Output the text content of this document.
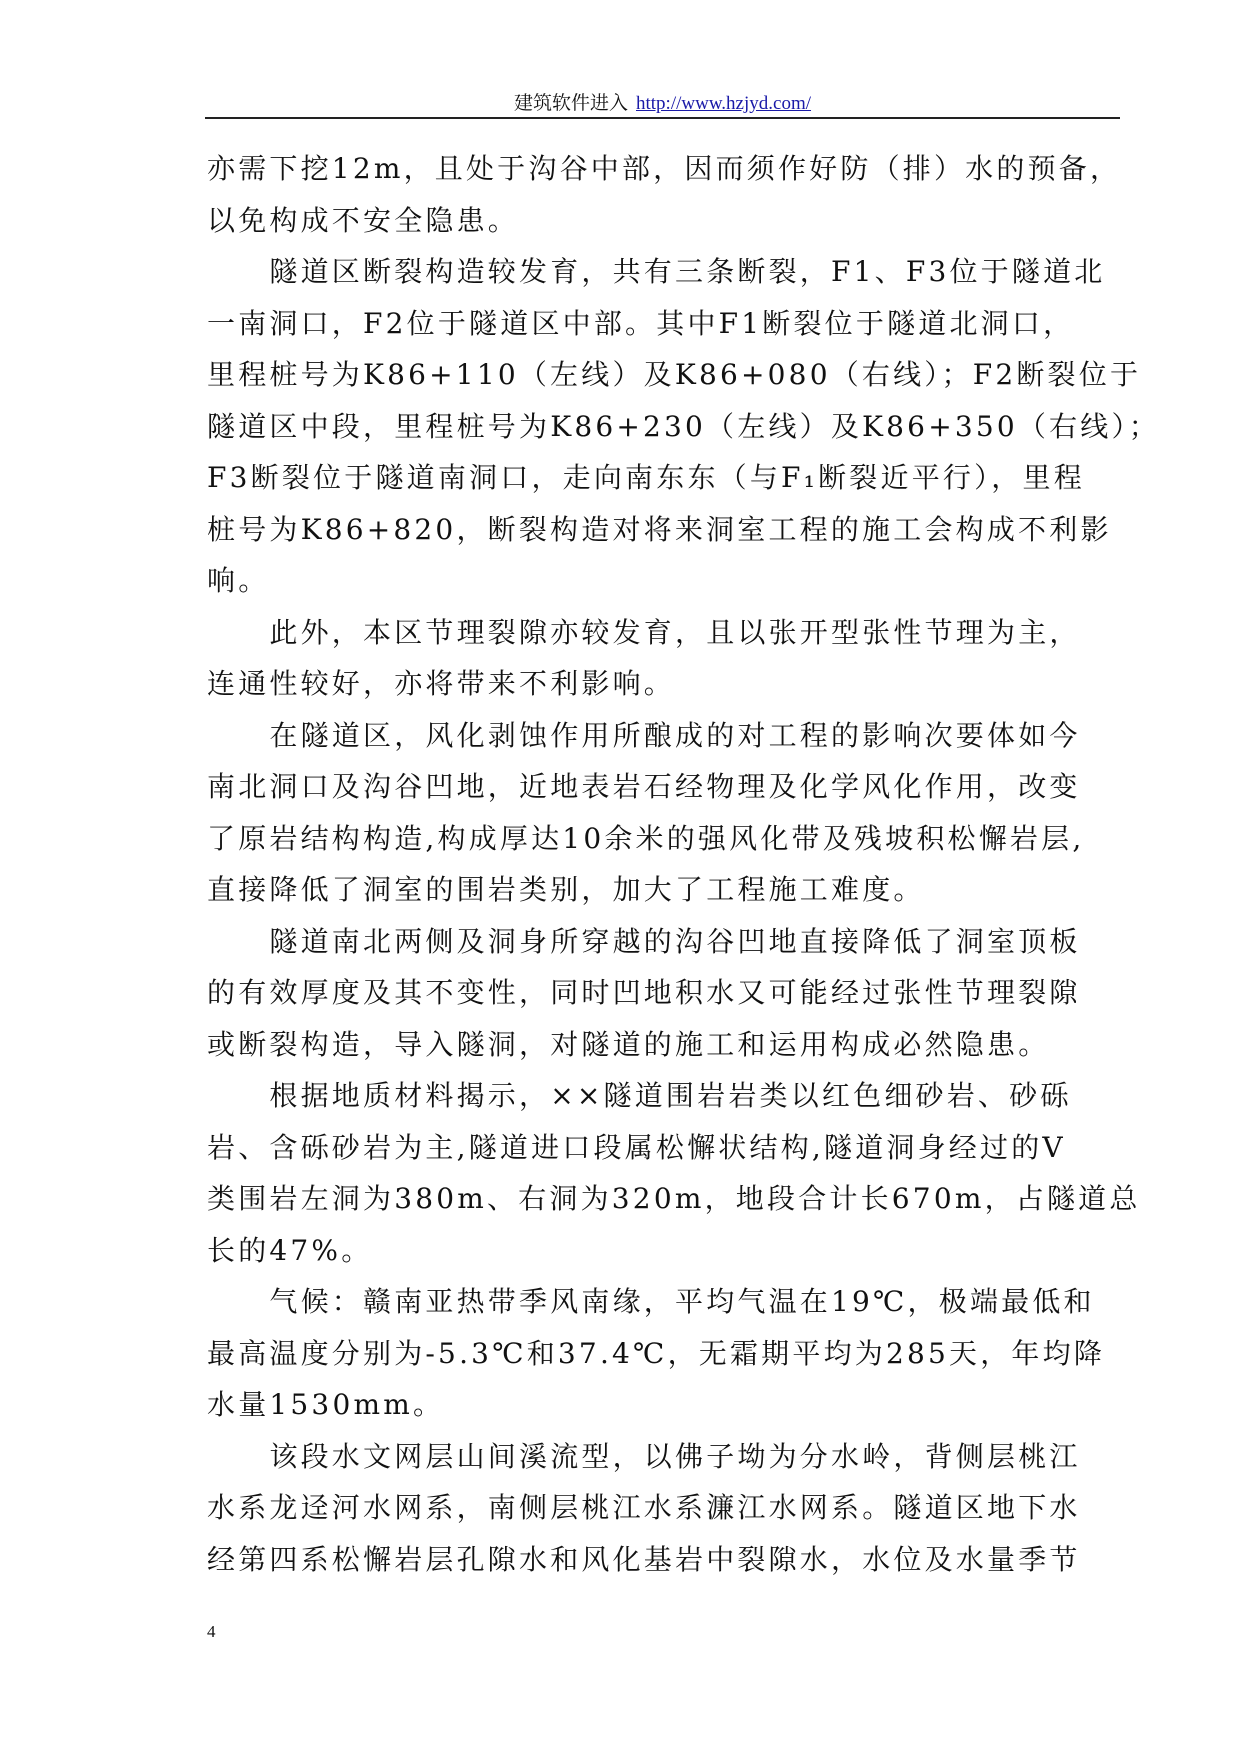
建筑软件进入 http://www.hzjyd.com/
亦需下挖12m，且处于沟谷中部，因而须作好防（排）水的预备，
以免构成不安全隐患。
　　隧道区断裂构造较发育，共有三条断裂，F1、F3位于隧道北
一南洞口，F2位于隧道区中部。其中F1断裂位于隧道北洞口，
里程桩号为K86+110（左线）及K86+080（右线）；F2断裂位于
隧道区中段，里程桩号为K86+230（左线）及K86+350（右线）；
F3断裂位于隧道南洞口，走向南东东（与F₁断裂近平行），里程
桩号为K86+820，断裂构造对将来洞室工程的施工会构成不利影
响。
　　此外，本区节理裂隙亦较发育，且以张开型张性节理为主，
连通性较好，亦将带来不利影响。
　　在隧道区，风化剥蚀作用所酿成的对工程的影响次要体如今
南北洞口及沟谷凹地，近地表岩石经物理及化学风化作用，改变
了原岩结构构造,构成厚达10余米的强风化带及残坡积松懈岩层,
直接降低了洞室的围岩类别，加大了工程施工难度。
　　隧道南北两侧及洞身所穿越的沟谷凹地直接降低了洞室顶板
的有效厚度及其不变性，同时凹地积水又可能经过张性节理裂隙
或断裂构造，导入隧洞，对隧道的施工和运用构成必然隐患。
　　根据地质材料揭示，××隧道围岩岩类以红色细砂岩、砂砾
岩、含砾砂岩为主,隧道进口段属松懈状结构,隧道洞身经过的V
类围岩左洞为380m、右洞为320m，地段合计长670m，占隧道总
长的47%。
　　气候：赣南亚热带季风南缘，平均气温在19℃，极端最低和
最高温度分别为-5.3℃和37.4℃，无霜期平均为285天，年均降
水量1530mm。
　　该段水文网层山间溪流型，以佛子坳为分水岭，背侧层桃江
水系龙迳河水网系，南侧层桃江水系濂江水网系。隧道区地下水
经第四系松懈岩层孔隙水和风化基岩中裂隙水，水位及水量季节
4
